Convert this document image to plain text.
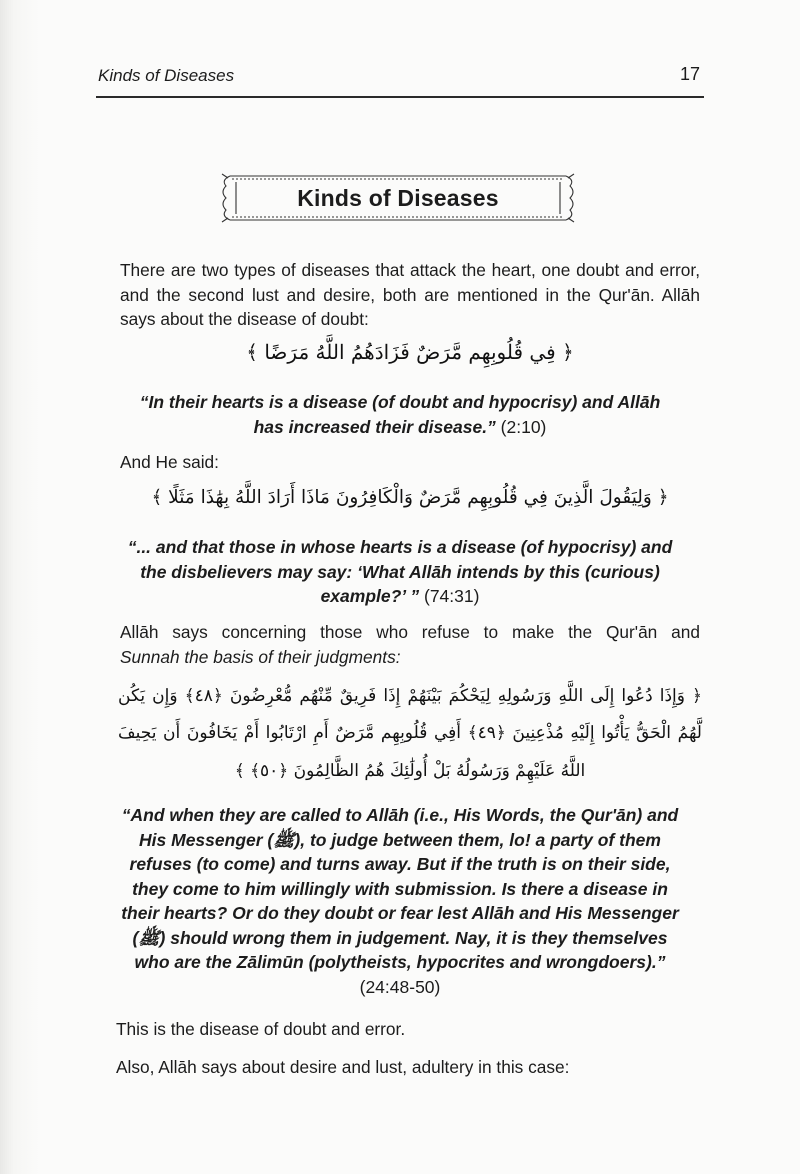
Kinds of Diseases	17
Kinds of Diseases
There are two types of diseases that attack the heart, one doubt and error, and the second lust and desire, both are mentioned in the Qur'ān. Allāh says about the disease of doubt:
﴿ فِي قُلُوبِهِم مَّرَضٌ فَزَادَهُمُ اللَّهُ مَرَضًا ﴾
“In their hearts is a disease (of doubt and hypocrisy) and Allāh has increased their disease.” (2:10)
And He said:
﴿ وَلِيَقُولَ الَّذِينَ فِي قُلُوبِهِم مَّرَضٌ وَالْكَافِرُونَ مَاذَا أَرَادَ اللَّهُ بِهَٰذَا مَثَلًا ﴾
“... and that those in whose hearts is a disease (of hypocrisy) and the disbelievers may say: ‘What Allāh intends by this (curious) example?’ ” (74:31)
Allāh says concerning those who refuse to make the Qur'ān and
Sunnah the basis of their judgments:
﴿ وَإِذَا دُعُوا إِلَى اللَّهِ وَرَسُولِهِ لِيَحْكُمَ بَيْنَهُمْ إِذَا فَرِيقٌ مِّنْهُم مُّعْرِضُونَ ﴿٤٨﴾ وَإِن يَكُن
لَّهُمُ الْحَقُّ يَأْتُوا إِلَيْهِ مُذْعِنِينَ ﴿٤٩﴾ أَفِي قُلُوبِهِم مَّرَضٌ أَمِ ارْتَابُوا أَمْ يَخَافُونَ أَن يَحِيفَ
اللَّهُ عَلَيْهِمْ وَرَسُولُهُ بَلْ أُولَٰئِكَ هُمُ الظَّالِمُونَ ﴿٥٠﴾ ﴾
“And when they are called to Allāh (i.e., His Words, the Qur'ān) and His Messenger (ﷺ), to judge between them, lo! a party of them refuses (to come) and turns away. But if the truth is on their side, they come to him willingly with submission. Is there a disease in their hearts? Or do they doubt or fear lest Allāh and His Messenger (ﷺ) should wrong them in judgement. Nay, it is they themselves who are the Zālimūn (polytheists, hypocrites and wrongdoers).” (24:48-50)
This is the disease of doubt and error.
Also, Allāh says about desire and lust, adultery in this case:
